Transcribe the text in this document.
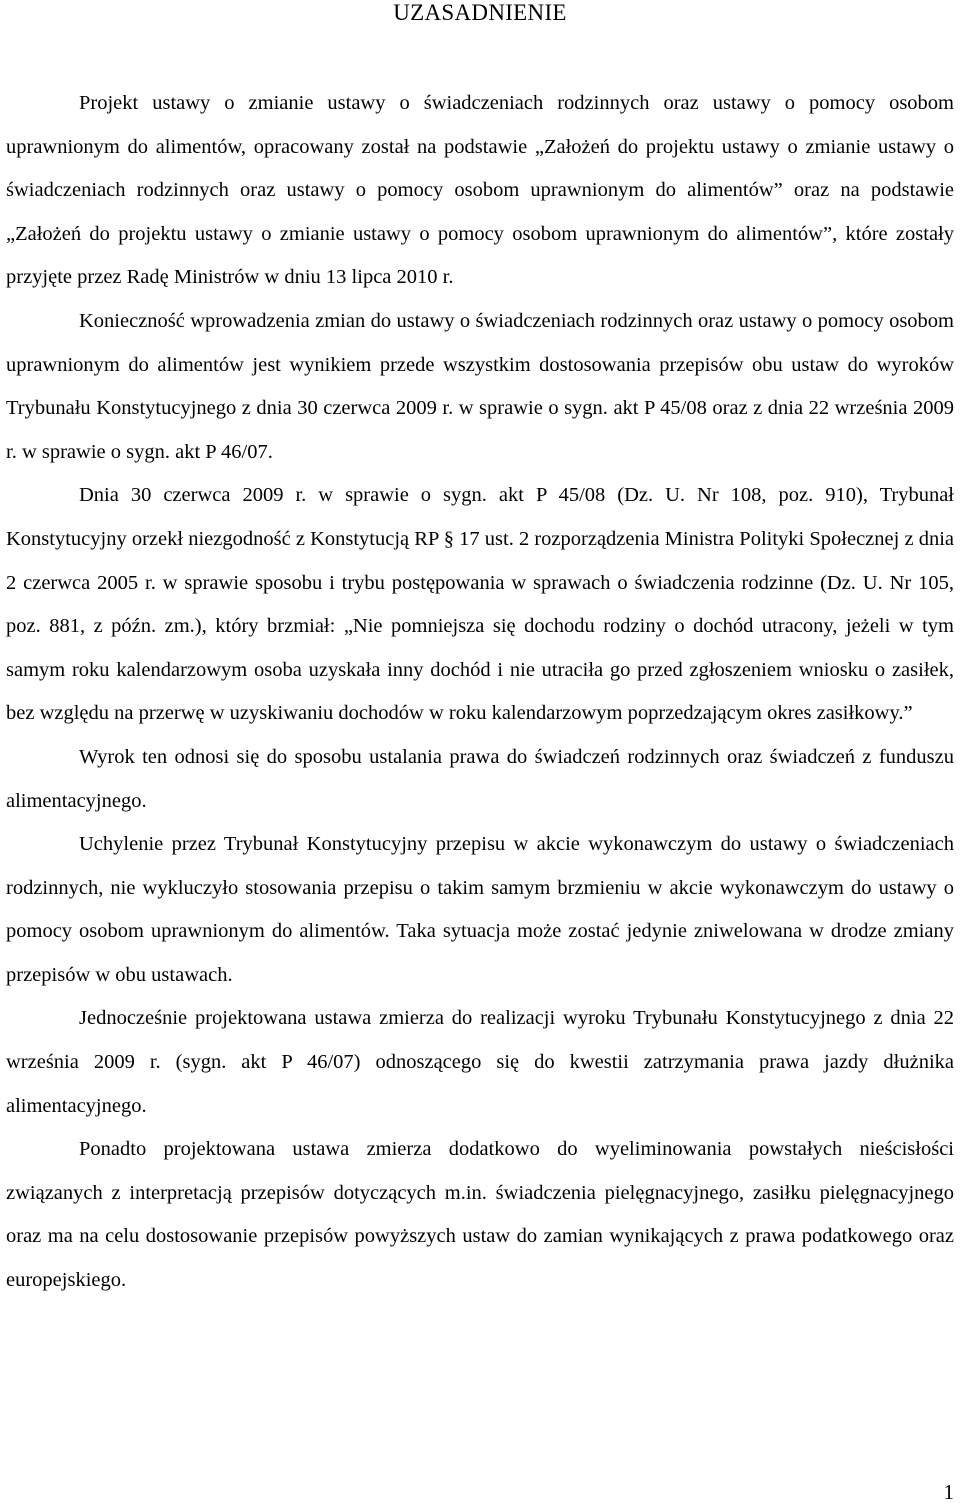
UZASADNIENIE

Projekt ustawy o zmianie ustawy o świadczeniach rodzinnych oraz ustawy o pomocy osobom uprawnionym do alimentów, opracowany został na podstawie „Założeń do projektu ustawy o zmianie ustawy o świadczeniach rodzinnych oraz ustawy o pomocy osobom uprawnionym do alimentów” oraz na podstawie „Założeń do projektu ustawy o zmianie ustawy o pomocy osobom uprawnionym do alimentów”, które zostały przyjęte przez Radę Ministrów w dniu 13 lipca 2010 r.

Konieczność wprowadzenia zmian do ustawy o świadczeniach rodzinnych oraz ustawy o pomocy osobom uprawnionym do alimentów jest wynikiem przede wszystkim dostosowania przepisów obu ustaw do wyroków Trybunału Konstytucyjnego z dnia 30 czerwca 2009 r. w sprawie o sygn. akt P 45/08 oraz z dnia 22 września 2009 r. w sprawie o sygn. akt P 46/07.

Dnia 30 czerwca 2009 r. w sprawie o sygn. akt P 45/08 (Dz. U. Nr 108, poz. 910), Trybunał Konstytucyjny orzekł niezgodność z Konstytucją RP § 17 ust. 2 rozporządzenia Ministra Polityki Społecznej z dnia 2 czerwca 2005 r. w sprawie sposobu i trybu postępowania w sprawach o świadczenia rodzinne (Dz. U. Nr 105, poz. 881, z późn. zm.), który brzmiał: „Nie pomniejsza się dochodu rodziny o dochód utracony, jeżeli w tym samym roku kalendarzowym osoba uzyskała inny dochód i nie utraciła go przed zgłoszeniem wniosku o zasiłek, bez względu na przerwę w uzyskiwaniu dochodów w roku kalendarzowym poprzedzającym okres zasiłkowy.”

Wyrok ten odnosi się do sposobu ustalania prawa do świadczeń rodzinnych oraz świadczeń z funduszu alimentacyjnego.

Uchylenie przez Trybunał Konstytucyjny przepisu w akcie wykonawczym do ustawy o świadczeniach rodzinnych, nie wykluczyło stosowania przepisu o takim samym brzmieniu w akcie wykonawczym do ustawy o pomocy osobom uprawnionym do alimentów. Taka sytuacja może zostać jedynie zniwelowana w drodze zmiany przepisów w obu ustawach.

Jednocześnie projektowana ustawa zmierza do realizacji wyroku Trybunału Konstytucyjnego z dnia 22 września 2009 r. (sygn. akt P 46/07) odnoszącego się do kwestii zatrzymania prawa jazdy dłużnika alimentacyjnego.

Ponadto projektowana ustawa zmierza dodatkowo do wyeliminowania powstałych nieścisłości związanych z interpretacją przepisów dotyczących m.in. świadczenia pielęgnacyjnego, zasiłku pielęgnacyjnego oraz ma na celu dostosowanie przepisów powyższych ustaw do zamian wynikających z prawa podatkowego oraz europejskiego.

1
